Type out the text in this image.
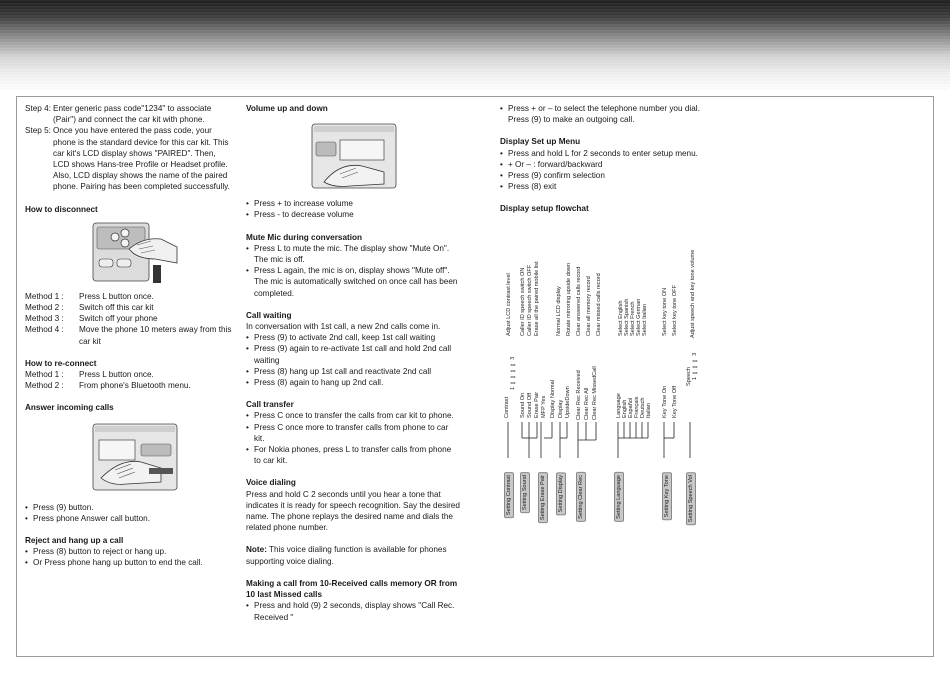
Step 4: Enter generic pass code"1234" to associate (Pair") and connect the car kit with phone.
Step 5: Once you have entered the pass code, your phone is the standard device for this car kit. This car kit's LCD display shows "PAIRED". Then, LCD shows Hans-tree Profile or Headset profile. Also, LCD display shows the name of the paired phone. Pairing has been completed successfully.

How to disconnect

Method 1 :	Press L button once.
Method 2 :	Switch off this car kit
Method 3 :	Switch off your phone
Method 4 :	Move the phone 10 meters away from this car kit

How to re-connect

Method 1 :	Press L button once.
Method 2 :	From phone's Bluetooth menu.

Answer incoming calls

• Press (9) button.
• Press phone Answer call button.

Reject and hang up a call

• Press (8) button to reject or hang up.
• Or Press phone hang up button to end the call.

Volume up and down

• Press + to increase volume
• Press - to decrease volume

Mute Mic during conversation

• Press L to mute the mic. The display show "Mute On". The mic is off.
• Press L again, the mic is on, display shows "Mute off". The mic is automatically switched on once call has been completed.

Call waiting

In conversation with 1st call, a new 2nd calls come in.

• Press (9) to activate 2nd call, keep 1st call waiting
• Press (9) again to re-activate 1st call and hold 2nd call waiting
• Press (8) hang up 1st call and reactivate 2nd call
• Press (8) again to hang up 2nd call.

Call transfer

• Press C once to transfer the calls from car kit to phone.
• Press C once more to transfer calls from phone to car kit.
• For Nokia phones, press L to transfer calls from phone to car kit.

Voice dialing

Press and hold C 2 seconds until you hear a tone that indicates it is ready for speech recognition. Say the desired name. The phone replays the desired name and dials the related phone number.

Note: This voice dialing function is available for phones supporting voice dialing.

Making a call from 10-Received calls memory OR from 10 last Missed calls

• Press and hold (9) 2 seconds, display shows "Call Rec. Received "
• Press + or – to select the telephone number you dial. Press (9) to make an outgoing call.

Display Set up Menu

• Press and hold L for 2 seconds to enter setup menu.
• + Or – : forward/backward
• Press (9) confirm selection
• Press (8) exit

Display setup flowchat

Adjust LCD contrast level Caller ID speech switch ON Caller ID speech switch OFF Erase all the paired mobile list	Normal LCD display Rotate mirroring upside down Clear answered calls record Clear all memory record Clear missed calls record	Select English Select Spanish Select French Select German Select Italian	Select key tone ON Select key tone OFF Adjust speech and key tone volume
Contrast
1 ▭▭▭▭ 3
Sound On Sound Off Erase Pair MFP Yes Display Normal Display UpsideDown Clear Rec Received Clear Rec All Clear Rec MissedCall	Language English Español Français Deutsch Italian Key Tone On Key Tone Off
Speech 1 ▭▭▭ 3
Setting Contrast	Setting Sound	Setting Erase Pair	Setting Display	Setting Clear Rec	Setting Language	Setting Key Tone	Setting Speech Vol
